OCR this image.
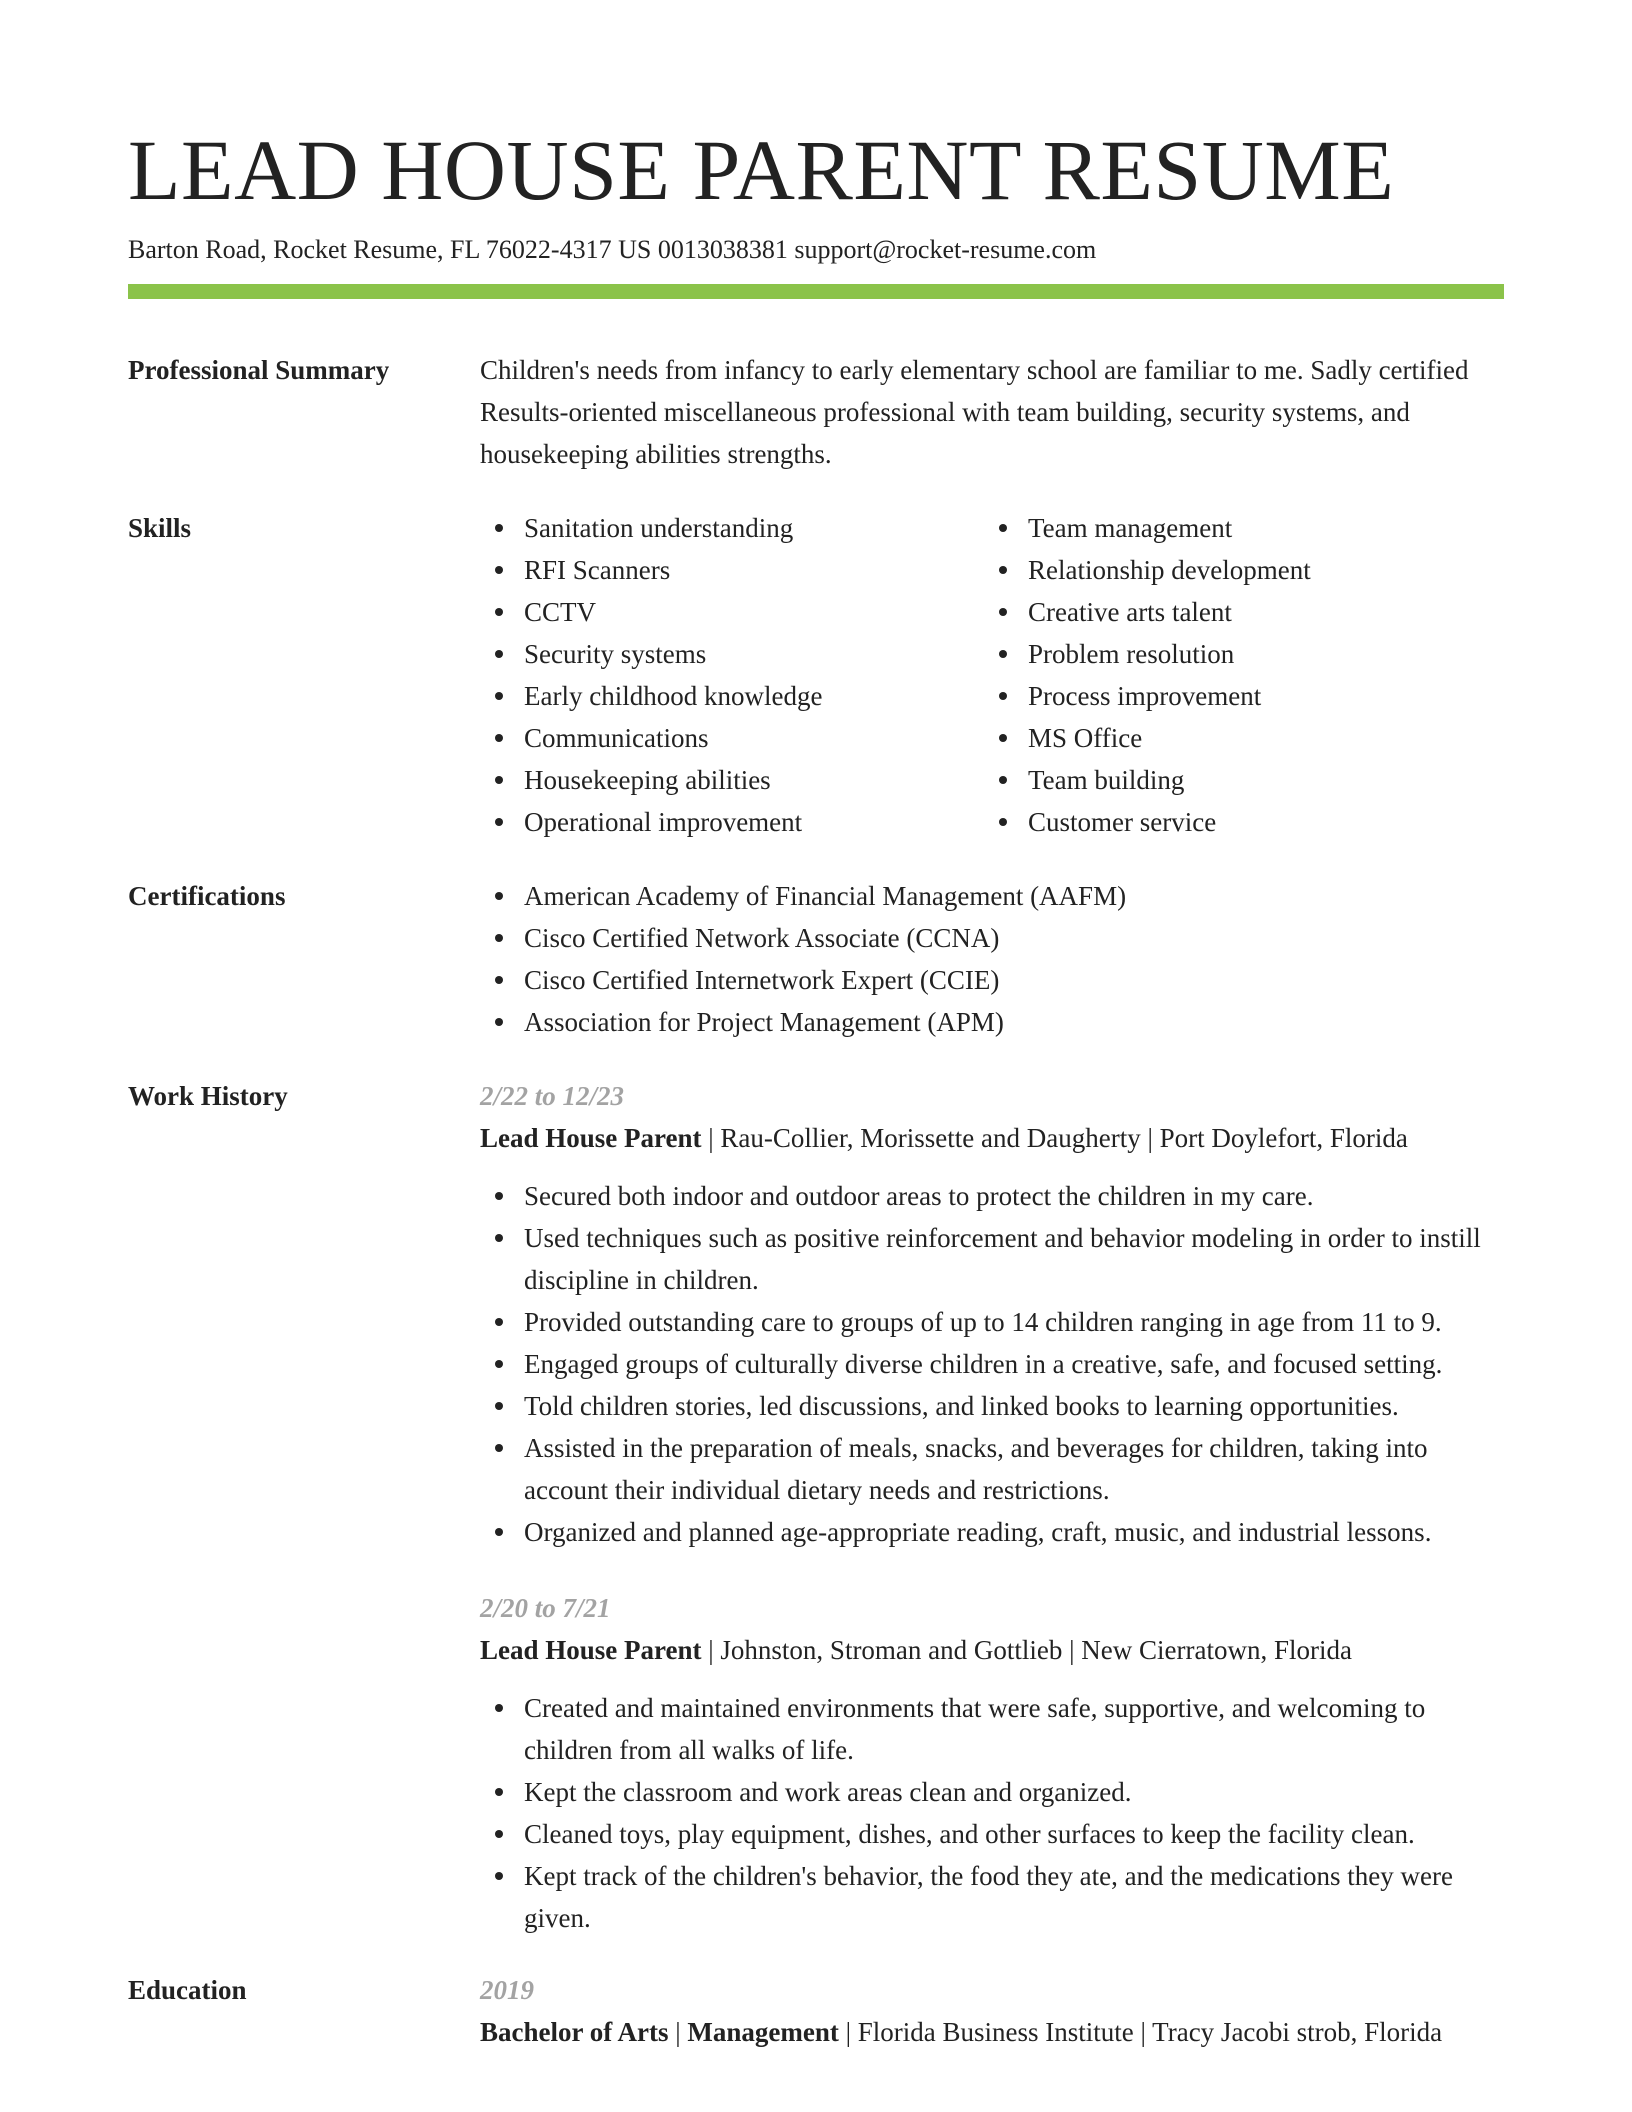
LEAD HOUSE PARENT RESUME
Barton Road, Rocket Resume, FL 76022-4317 US 0013038381 support@rocket-resume.com
Professional Summary	Children's needs from infancy to early elementary school are familiar to me. Sadly certified Results-oriented miscellaneous professional with team building, security systems, and housekeeping abilities strengths.
Skills	Sanitation understanding
RFI Scanners
CCTV
Security systems
Early childhood knowledge
Communications
Housekeeping abilities
Operational improvement
Team management
Relationship development
Creative arts talent
Problem resolution
Process improvement
MS Office
Team building
Customer service
Certifications	American Academy of Financial Management (AAFM)
Cisco Certified Network Associate (CCNA)
Cisco Certified Internetwork Expert (CCIE)
Association for Project Management (APM)
Work History	2/22 to 12/23
Lead House Parent | Rau-Collier, Morissette and Daugherty | Port Doylefort, Florida
Secured both indoor and outdoor areas to protect the children in my care.
Used techniques such as positive reinforcement and behavior modeling in order to instill discipline in children.
Provided outstanding care to groups of up to 14 children ranging in age from 11 to 9.
Engaged groups of culturally diverse children in a creative, safe, and focused setting.
Told children stories, led discussions, and linked books to learning opportunities.
Assisted in the preparation of meals, snacks, and beverages for children, taking into account their individual dietary needs and restrictions.
Organized and planned age-appropriate reading, craft, music, and industrial lessons.
2/20 to 7/21
Lead House Parent | Johnston, Stroman and Gottlieb | New Cierratown, Florida
Created and maintained environments that were safe, supportive, and welcoming to children from all walks of life.
Kept the classroom and work areas clean and organized.
Cleaned toys, play equipment, dishes, and other surfaces to keep the facility clean.
Kept track of the children's behavior, the food they ate, and the medications they were given.
Education	2019
Bachelor of Arts | Management | Florida Business Institute | Tracy Jacobi strob, Florida
